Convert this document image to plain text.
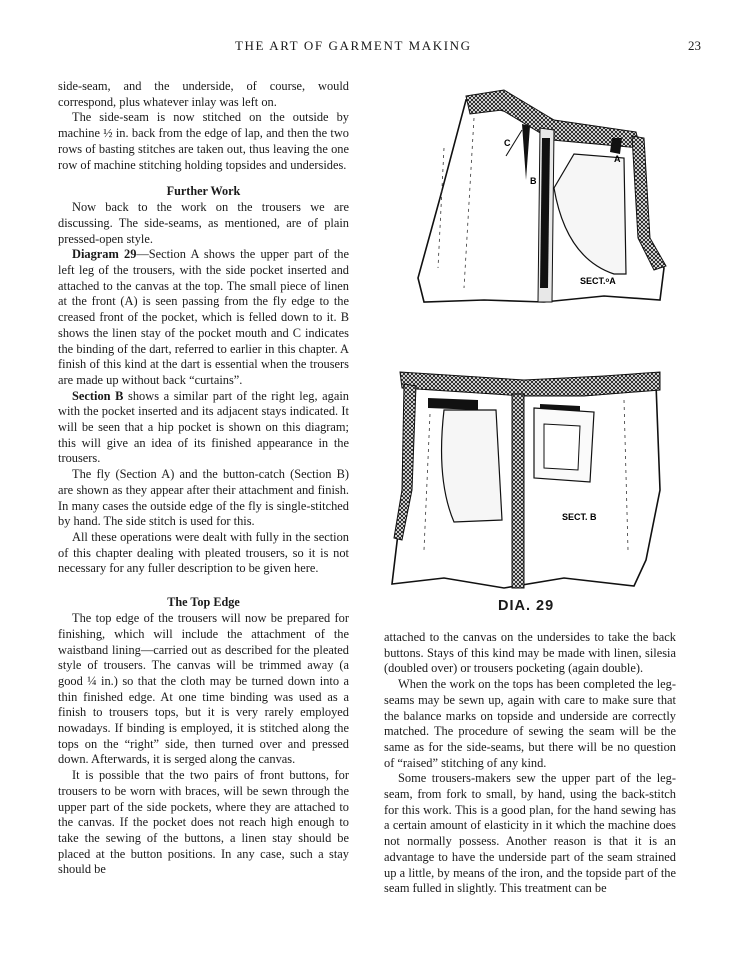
THE ART OF GARMENT MAKING	23

side-seam, and the underside, of course, would correspond, plus whatever inlay was left on.

The side-seam is now stitched on the outside by machine ½ in. back from the edge of lap, and then the two rows of basting stitches are taken out, thus leaving the one row of machine stitching holding topsides and undersides.

Further Work

Now back to the work on the trousers we are discussing. The side-seams, as mentioned, are of plain pressed-open style.

Diagram 29—Section A shows the upper part of the left leg of the trousers, with the side pocket inserted and attached to the canvas at the top. The small piece of linen at the front (A) is seen passing from the fly edge to the creased front of the pocket, which is felled down to it. B shows the linen stay of the pocket mouth and C indicates the binding of the dart, referred to earlier in this chapter. A finish of this kind at the dart is essential when the trousers are made up without back “curtains”.

Section B shows a similar part of the right leg, again with the pocket inserted and its adjacent stays indicated. It will be seen that a hip pocket is shown on this diagram; this will give an idea of its finished appearance in the trousers.

The fly (Section A) and the button-catch (Section B) are shown as they appear after their attachment and finish. In many cases the outside edge of the fly is single-stitched by hand. The side stitch is used for this.

All these operations were dealt with fully in the section of this chapter dealing with pleated trousers, so it is not necessary for any fuller description to be given here.

The Top Edge

The top edge of the trousers will now be prepared for finishing, which will include the attachment of the waistband lining—carried out as described for the pleated style of trousers. The canvas will be trimmed away (a good ¼ in.) so that the cloth may be turned down into a thin finished edge. At one time binding was used as a finish to trousers tops, but it is very rarely employed nowadays. If binding is employed, it is stitched along the tops on the “right” side, then turned over and pressed down. Afterwards, it is serged along the canvas.

It is possible that the two pairs of front buttons, for trousers to be worn with braces, will be sewn through the upper part of the side pockets, where they are attached to the canvas. If the pocket does not reach high enough to take the sewing of the buttons, a linen stay should be placed at the button positions. In any case, such a stay should be

C
B
A
SECT.ᵒA
SECT. B
DIA. 29

attached to the canvas on the undersides to take the back buttons. Stays of this kind may be made with linen, silesia (doubled over) or trousers pocketing (again double).

When the work on the tops has been completed the leg-seams may be sewn up, again with care to make sure that the balance marks on topside and underside are correctly matched. The procedure of sewing the seam will be the same as for the side-seams, but there will be no question of “raised” stitching of any kind.

Some trousers-makers sew the upper part of the leg-seam, from fork to small, by hand, using the back-stitch for this work. This is a good plan, for the hand sewing has a certain amount of elasticity in it which the machine does not normally possess. Another reason is that it is an advantage to have the underside part of the seam strained up a little, by means of the iron, and the topside part of the seam fulled in slightly. This treatment can be
